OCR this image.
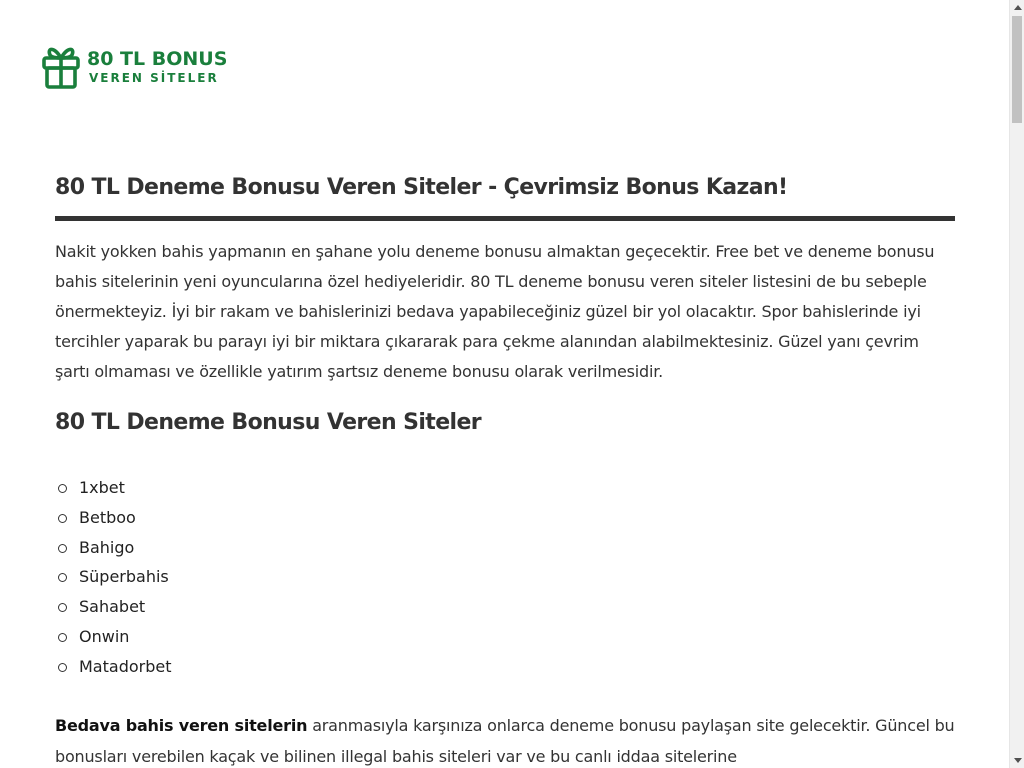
80 TL BONUS
VEREN SİTELER
80 TL Deneme Bonusu Veren Siteler - Çevrimsiz Bonus Kazan!

Nakit yokken bahis yapmanın en şahane yolu deneme bonusu almaktan geçecektir. Free bet ve deneme bonusu bahis sitelerinin yeni oyuncularına özel hediyeleridir. 80 TL deneme bonusu veren siteler listesini de bu sebeple önermekteyiz. İyi bir rakam ve bahislerinizi bedava yapabileceğiniz güzel bir yol olacaktır. Spor bahislerinde iyi tercihler yaparak bu parayı iyi bir miktara çıkararak para çekme alanından alabilmektesiniz. Güzel yanı çevrim şartı olmaması ve özellikle yatırım şartsız deneme bonusu olarak verilmesidir.

80 TL Deneme Bonusu Veren Siteler
1xbet
Betboo
Bahigo
Süperbahis
Sahabet
Onwin
Matadorbet

Bedava bahis veren sitelerin aranmasıyla karşınıza onlarca deneme bonusu paylaşan site gelecektir. Güncel bu bonusları verebilen kaçak ve bilinen illegal bahis siteleri var ve bu canlı iddaa sitelerine
